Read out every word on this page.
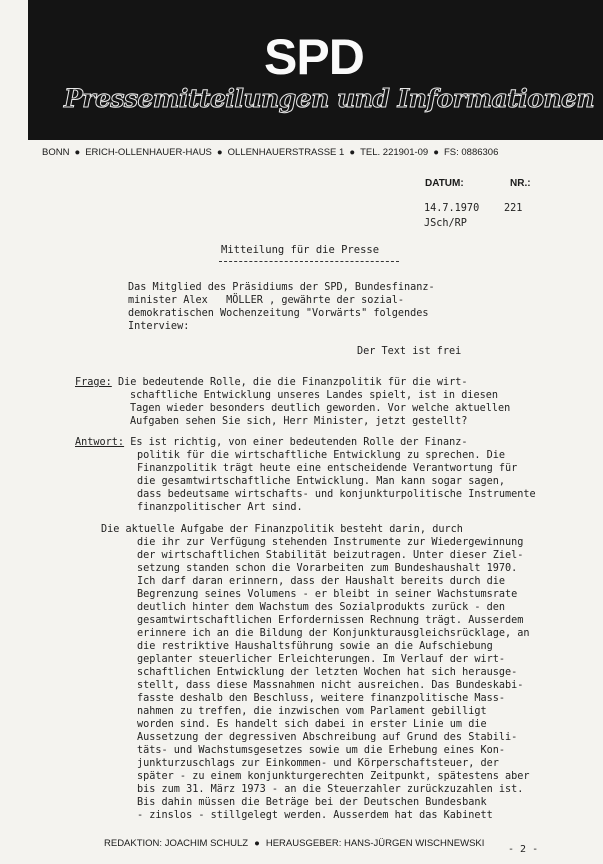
SPD
Pressemitteilungen und Informationen
BONN ● ERICH-OLLENHAUER-HAUS ● OLLENHAUERSTRASSE 1 ● TEL. 221901-09 ● FS: 0886306
DATUM:	NR.:
14.7.1970 221
JSch/RP
Mitteilung für die Presse
Das Mitglied des Präsidiums der SPD, Bundesfinanz-
minister Alex   MÖLLER , gewährte der sozial-
demokratischen Wochenzeitung "Vorwärts" folgendes
Interview:
Der Text ist frei
Frage: Die bedeutende Rolle, die die Finanzpolitik für die wirt-
schaftliche Entwicklung unseres Landes spielt, ist in diesen
Tagen wieder besonders deutlich geworden. Vor welche aktuellen
Aufgaben sehen Sie sich, Herr Minister, jetzt gestellt?
Antwort: Es ist richtig, von einer bedeutenden Rolle der Finanz-
politik für die wirtschaftliche Entwicklung zu sprechen. Die
Finanzpolitik trägt heute eine entscheidende Verantwortung für
die gesamtwirtschaftliche Entwicklung. Man kann sogar sagen,
dass bedeutsame wirtschafts- und konjunkturpolitische Instrumente
finanzpolitischer Art sind.
Die aktuelle Aufgabe der Finanzpolitik besteht darin, durch
die ihr zur Verfügung stehenden Instrumente zur Wiedergewinnung
der wirtschaftlichen Stabilität beizutragen. Unter dieser Ziel-
setzung standen schon die Vorarbeiten zum Bundeshaushalt 1970.
Ich darf daran erinnern, dass der Haushalt bereits durch die
Begrenzung seines Volumens - er bleibt in seiner Wachstumsrate
deutlich hinter dem Wachstum des Sozialprodukts zurück - den
gesamtwirtschaftlichen Erfordernissen Rechnung trägt. Ausserdem
erinnere ich an die Bildung der Konjunkturausgleichsrücklage, an
die restriktive Haushaltsführung sowie an die Aufschiebung
geplanter steuerlicher Erleichterungen. Im Verlauf der wirt-
schaftlichen Entwicklung der letzten Wochen hat sich herausge-
stellt, dass diese Massnahmen nicht ausreichen. Das Bundeskabi-
fasste deshalb den Beschluss, weitere finanzpolitische Mass-
nahmen zu treffen, die inzwischen vom Parlament gebilligt
worden sind. Es handelt sich dabei in erster Linie um die
Aussetzung der degressiven Abschreibung auf Grund des Stabili-
täts- und Wachstumsgesetzes sowie um die Erhebung eines Kon-
junkturzuschlags zur Einkommen- und Körperschaftsteuer, der
später - zu einem konjunkturgerechten Zeitpunkt, spätestens aber
bis zum 31. März 1973 - an die Steuerzahler zurückzuzahlen ist.
Bis dahin müssen die Beträge bei der Deutschen Bundesbank
- zinslos - stillgelegt werden. Ausserdem hat das Kabinett
REDAKTION: JOACHIM SCHULZ ● HERAUSGEBER: HANS-JÜRGEN WISCHNEWSKI
- 2 -
